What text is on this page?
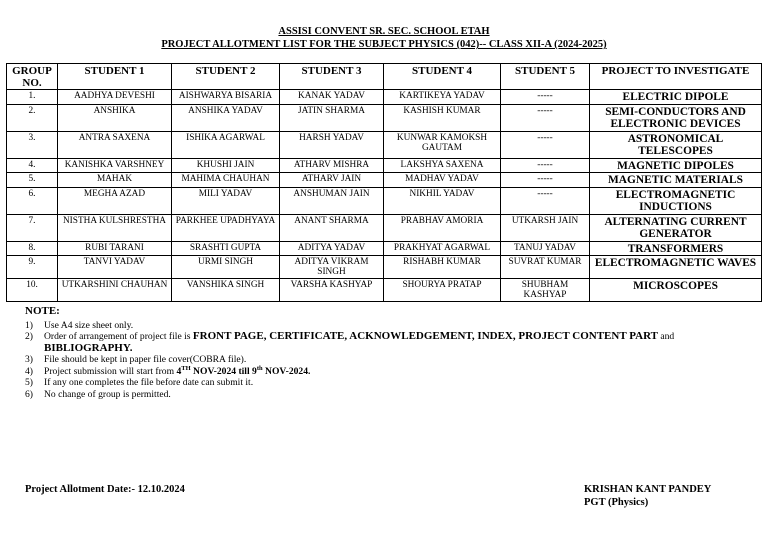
ASSISI CONVENT SR. SEC. SCHOOL ETAH
PROJECT ALLOTMENT LIST FOR THE SUBJECT PHYSICS (042)-- CLASS XII-A (2024-2025)
GROUP NO.	STUDENT 1	STUDENT 2	STUDENT 3	STUDENT 4	STUDENT 5	PROJECT TO INVESTIGATE
1.	AADHYA DEVESHI	AISHWARYA BISARIA	KANAK YADAV	KARTIKEYA YADAV	-----	ELECTRIC DIPOLE
2.	ANSHIKA	ANSHIKA YADAV	JATIN SHARMA	KASHISH KUMAR	-----	SEMI-CONDUCTORS AND ELECTRONIC DEVICES
3.	ANTRA SAXENA	ISHIKA AGARWAL	HARSH YADAV	KUNWAR KAMOKSH GAUTAM	-----	ASTRONOMICAL TELESCOPES
4.	KANISHKA VARSHNEY	KHUSHI JAIN	ATHARV MISHRA	LAKSHYA SAXENA	-----	MAGNETIC DIPOLES
5.	MAHAK	MAHIMA CHAUHAN	ATHARV JAIN	MADHAV YADAV	-----	MAGNETIC MATERIALS
6.	MEGHA AZAD	MILI YADAV	ANSHUMAN JAIN	NIKHIL YADAV	-----	ELECTROMAGNETIC INDUCTIONS
7.	NISTHA KULSHRESTHA	PARKHEE UPADHYAYA	ANANT SHARMA	PRABHAV AMORIA	UTKARSH JAIN	ALTERNATING CURRENT GENERATOR
8.	RUBI TARANI	SRASHTI GUPTA	ADITYA YADAV	PRAKHYAT AGARWAL	TANUJ YADAV	TRANSFORMERS
9.	TANVI YADAV	URMI SINGH	ADITYA VIKRAM SINGH	RISHABH KUMAR	SUVRAT KUMAR	ELECTROMAGNETIC WAVES
10.	UTKARSHINI CHAUHAN	VANSHIKA SINGH	VARSHA KASHYAP	SHOURYA PRATAP	SHUBHAM KASHYAP	MICROSCOPES
NOTE:
1)	Use A4 size sheet only.
2)	Order of arrangement of project file is FRONT PAGE, CERTIFICATE, ACKNOWLEDGEMENT, INDEX, PROJECT CONTENT PART and BIBLIOGRAPHY.
3)	File should be kept in paper file cover(COBRA file).
4)	Project submission will start from 4TH NOV-2024 till 9th NOV-2024.
5)	If any one completes the file before date can submit it.
6)	No change of group is permitted.
Project Allotment Date:- 12.10.2024	KRISHAN KANT PANDEY
PGT (Physics)
